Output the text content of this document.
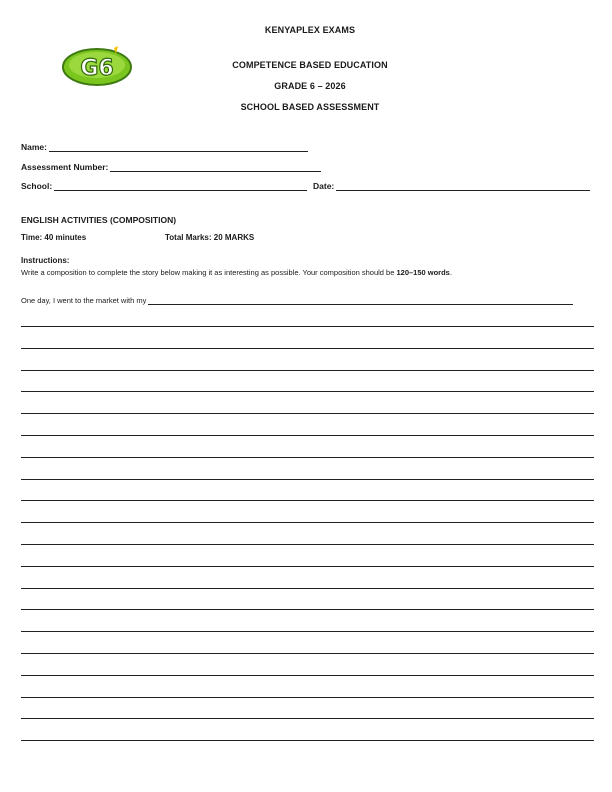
G6
KENYAPLEX EXAMS
COMPETENCE BASED EDUCATION
GRADE 6 – 2026
SCHOOL BASED ASSESSMENT
Name:
Assessment Number:
School:	Date:
ENGLISH ACTIVITIES (COMPOSITION)
Time: 40 minutes	Total Marks: 20 MARKS
Instructions:
Write a composition to complete the story below making it as interesting as possible. Your composition should be 120–150 words.
One day, I went to the market with my
